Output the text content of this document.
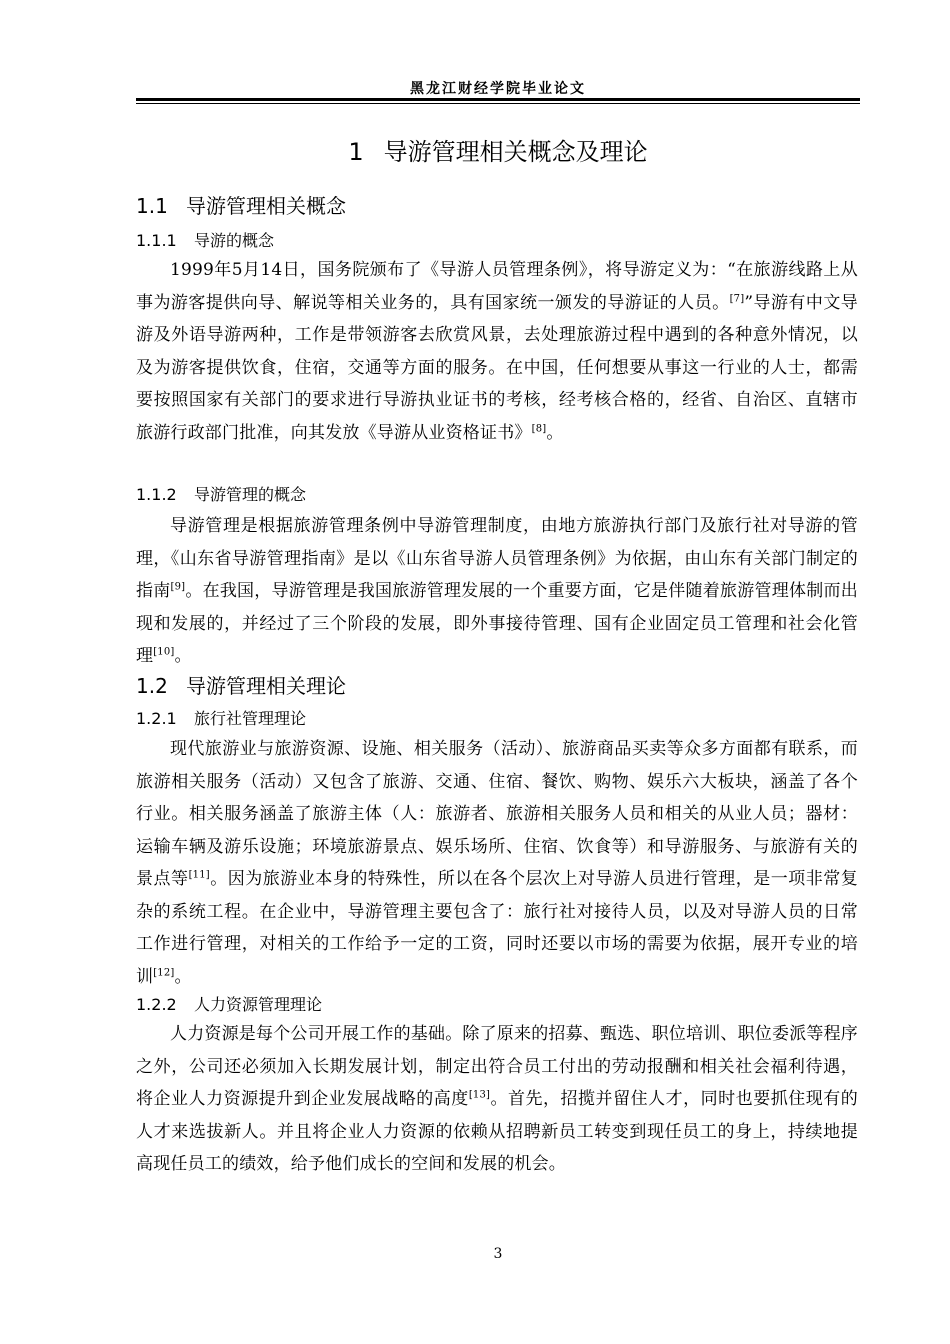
黑龙江财经学院毕业论文
1 导游管理相关概念及理论
1.1 导游管理相关概念
1.1.1 导游的概念

1999年5月14日，国务院颁布了《导游人员管理条例》，将导游定义为：“在旅游线路上从事为游客提供向导、解说等相关业务的，具有国家统一颁发的导游证的人员。[7]”导游有中文导游及外语导游两种，工作是带领游客去欣赏风景，去处理旅游过程中遇到的各种意外情况，以及为游客提供饮食，住宿，交通等方面的服务。在中国，任何想要从事这一行业的人士，都需要按照国家有关部门的要求进行导游执业证书的考核，经考核合格的，经省、自治区、直辖市旅游行政部门批准，向其发放《导游从业资格证书》[8]。

1.1.2 导游管理的概念

导游管理是根据旅游管理条例中导游管理制度，由地方旅游执行部门及旅行社对导游的管理，《山东省导游管理指南》是以《山东省导游人员管理条例》为依据，由山东有关部门制定的指南[9]。在我国，导游管理是我国旅游管理发展的一个重要方面，它是伴随着旅游管理体制而出现和发展的，并经过了三个阶段的发展，即外事接待管理、国有企业固定员工管理和社会化管理[10]。

1.2 导游管理相关理论
1.2.1 旅行社管理理论

现代旅游业与旅游资源、设施、相关服务（活动）、旅游商品买卖等众多方面都有联系，而旅游相关服务（活动）又包含了旅游、交通、住宿、餐饮、购物、娱乐六大板块，涵盖了各个行业。相关服务涵盖了旅游主体（人：旅游者、旅游相关服务人员和相关的从业人员；器材：运输车辆及游乐设施；环境旅游景点、娱乐场所、住宿、饮食等）和导游服务、与旅游有关的景点等[11]。因为旅游业本身的特殊性，所以在各个层次上对导游人员进行管理，是一项非常复杂的系统工程。在企业中，导游管理主要包含了：旅行社对接待人员，以及对导游人员的日常工作进行管理，对相关的工作给予一定的工资，同时还要以市场的需要为依据，展开专业的培训[12]。

1.2.2 人力资源管理理论

人力资源是每个公司开展工作的基础。除了原来的招募、甄选、职位培训、职位委派等程序之外，公司还必须加入长期发展计划，制定出符合员工付出的劳动报酬和相关社会福利待遇，将企业人力资源提升到企业发展战略的高度[13]。首先，招揽并留住人才，同时也要抓住现有的人才来选拔新人。并且将企业人力资源的依赖从招聘新员工转变到现任员工的身上，持续地提高现任员工的绩效，给予他们成长的空间和发展的机会。

3
